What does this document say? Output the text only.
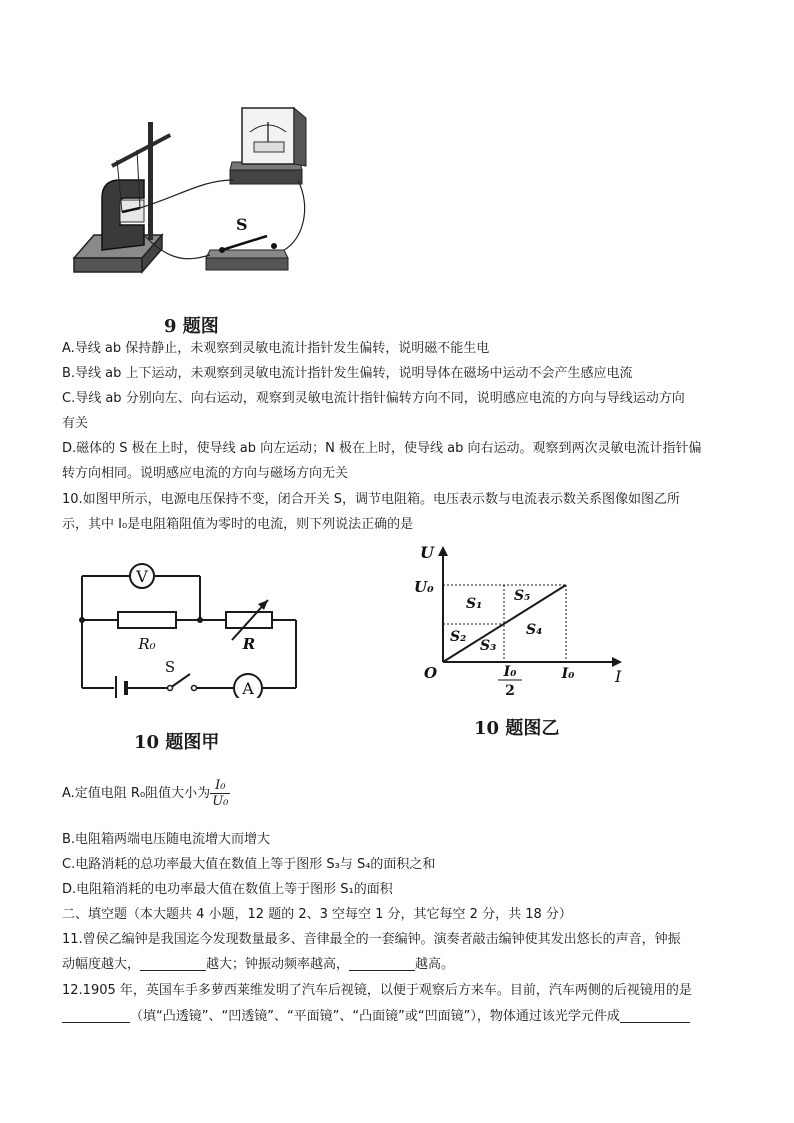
S
9 题图
A.导线 ab 保持静止，未观察到灵敏电流计指针发生偏转，说明磁不能生电
B.导线 ab 上下运动，未观察到灵敏电流计指针发生偏转，说明导体在磁场中运动不会产生感应电流
C.导线 ab 分别向左、向右运动，观察到灵敏电流计指针偏转方向不同，说明感应电流的方向与导线运动方向
有关
D.磁体的 S 极在上时，使导线 ab 向左运动；N 极在上时，使导线 ab 向右运动。观察到两次灵敏电流计指针偏
转方向相同。说明感应电流的方向与磁场方向无关
10.如图甲所示，电源电压保持不变，闭合开关 S，调节电阻箱。电压表示数与电流表示数关系图像如图乙所
示，其中 I₀是电阻箱阻值为零时的电流，则下列说法正确的是
V
R₀	R
S
A
10 题图甲
U
U₀
O	I
I₀
2
I₀
S₁ S₅
S₂
S₃
S₄
10 题图乙
A.定值电阻 R₀阻值大小为 $\frac{\text{I₀}}{\text{U₀}}$
B.电阻箱两端电压随电流增大而增大
C.电路消耗的总功率最大值在数值上等于图形 S₃与 S₄的面积之和
D.电阻箱消耗的电功率最大值在数值上等于图形 S₁的面积
二、填空题（本大题共 4 小题，12 题的 2、3 空每空 1 分，其它每空 2 分，共 18 分）
11.曾侯乙编钟是我国迄今发现数量最多、音律最全的一套编钟。演奏者敲击编钟使其发出悠长的声音，钟振
动幅度越大，	越大；钟振动频率越高，	越高。
12.1905 年，英国车手多萝西莱维发明了汽车后视镜，以便于观察后方来车。目前，汽车两侧的后视镜用的是
（填“凸透镜”、“凹透镜”、“平面镜”、“凸面镜”或“凹面镜”），物体通过该光学元件成
